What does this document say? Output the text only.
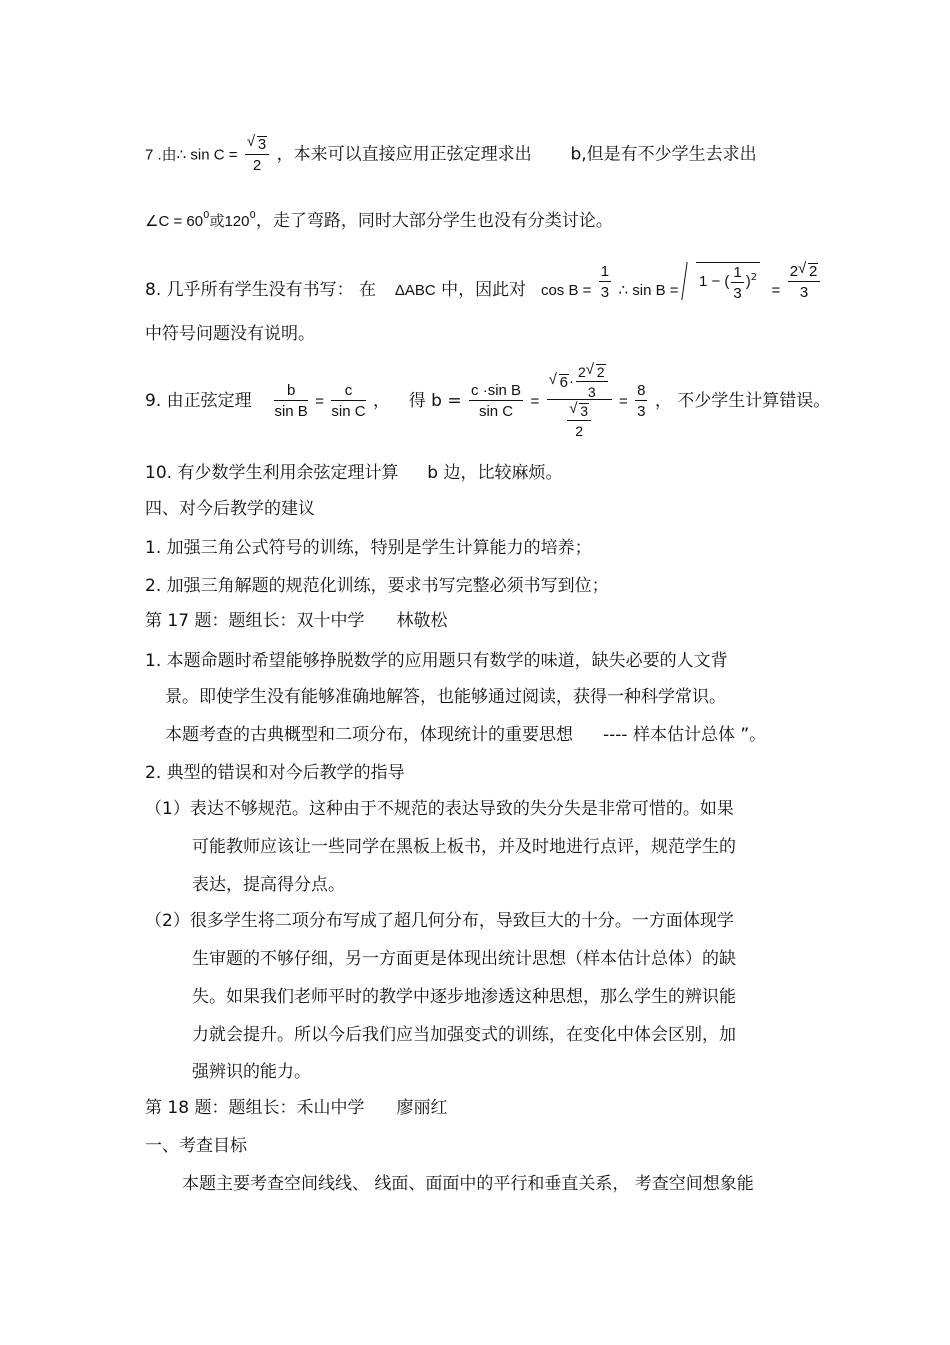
7 .由∴ sin C = √ $\frac{3}{2}$ ，本来可以直接应用正弦定理求出 b,但是有不少学生去求出
∠C = $60^0$或$120^0$，走了弯路，同时大部分学生也没有分类讨论。
8. 几乎所有学生没有书写： 在 ΔABC 中，因此对 $\cos B = \frac{1}{3}$ ∴ sin B = 1 − ( $\frac{1}{3} )^2 = \frac{2 √ 2}{3}$
中符号问题没有说明。
9. 由正弦定理 $\frac{b}{\text{sin B}} = \frac{c}{\text{sin C}}$ ， 得 $b = \frac{\text{c ·sin B}}{\text{sin C}}$ = √ $6\cdot \frac{2 √ 2}{3}$
√ $\frac{3}{2} = \frac{8}{3}$ ， 不少学生计算错误。
10. 有少数学生利用余弦定理计算 b 边，比较麻烦。
四、对今后教学的建议
1. 加强三角公式符号的训练，特别是学生计算能力的培养；
2. 加强三角解题的规范化训练，要求书写完整必须书写到位；
第 17 题：题组长：双十中学 林敬松
1. 本题命题时希望能够挣脱数学的应用题只有数学的味道，缺失必要的人文背
景。即使学生没有能够准确地解答，也能够通过阅读，获得一种科学常识。
本题考查的古典概型和二项分布，体现统计的重要思想 ---- 样本估计总体 ”。
2. 典型的错误和对今后教学的指导
（1）表达不够规范。这种由于不规范的表达导致的失分失是非常可惜的。如果
可能教师应该让一些同学在黑板上板书，并及时地进行点评，规范学生的
表达，提高得分点。
（2）很多学生将二项分布写成了超几何分布，导致巨大的十分。一方面体现学
生审题的不够仔细，另一方面更是体现出统计思想（样本估计总体）的缺
失。如果我们老师平时的教学中逐步地渗透这种思想，那么学生的辨识能
力就会提升。所以今后我们应当加强变式的训练，在变化中体会区别，加
强辨识的能力。
第 18 题：题组长：禾山中学 廖丽红
一、考查目标
本题主要考查空间线线、 线面、面面中的平行和垂直关系， 考查空间想象能
